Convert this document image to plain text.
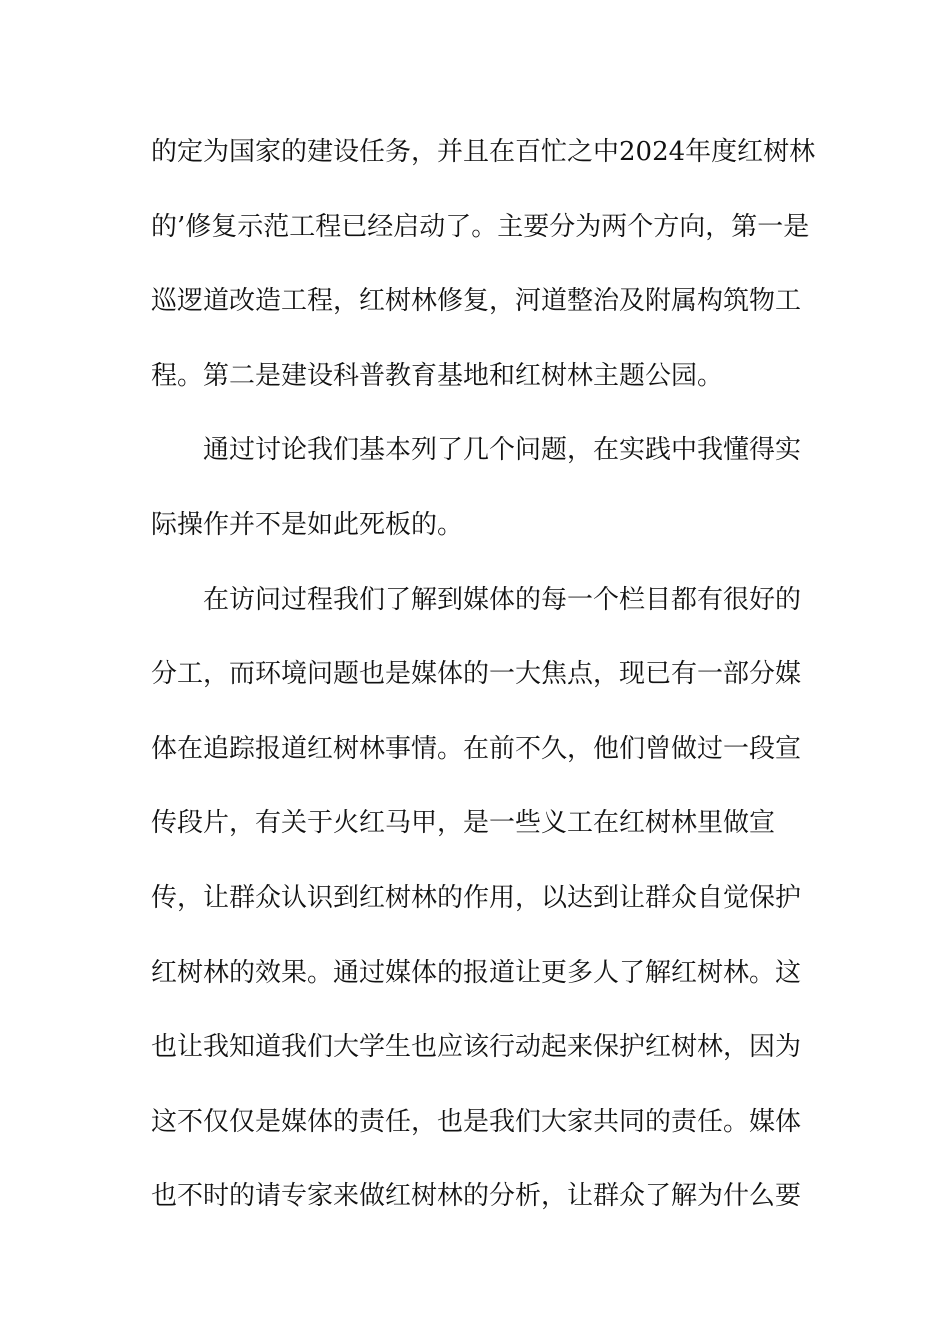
的定为国家的建设任务，并且在百忙之中2024年度红树林
的’修复示范工程已经启动了。主要分为两个方向，第一是
巡逻道改造工程，红树林修复，河道整治及附属构筑物工
程。第二是建设科普教育基地和红树林主题公园。
通过讨论我们基本列了几个问题，在实践中我懂得实
际操作并不是如此死板的。
在访问过程我们了解到媒体的每一个栏目都有很好的
分工，而环境问题也是媒体的一大焦点，现已有一部分媒
体在追踪报道红树林事情。在前不久，他们曾做过一段宣
传段片，有关于火红马甲，是一些义工在红树林里做宣
传，让群众认识到红树林的作用，以达到让群众自觉保护
红树林的效果。通过媒体的报道让更多人了解红树林。这
也让我知道我们大学生也应该行动起来保护红树林，因为
这不仅仅是媒体的责任，也是我们大家共同的责任。媒体
也不时的请专家来做红树林的分析，让群众了解为什么要
